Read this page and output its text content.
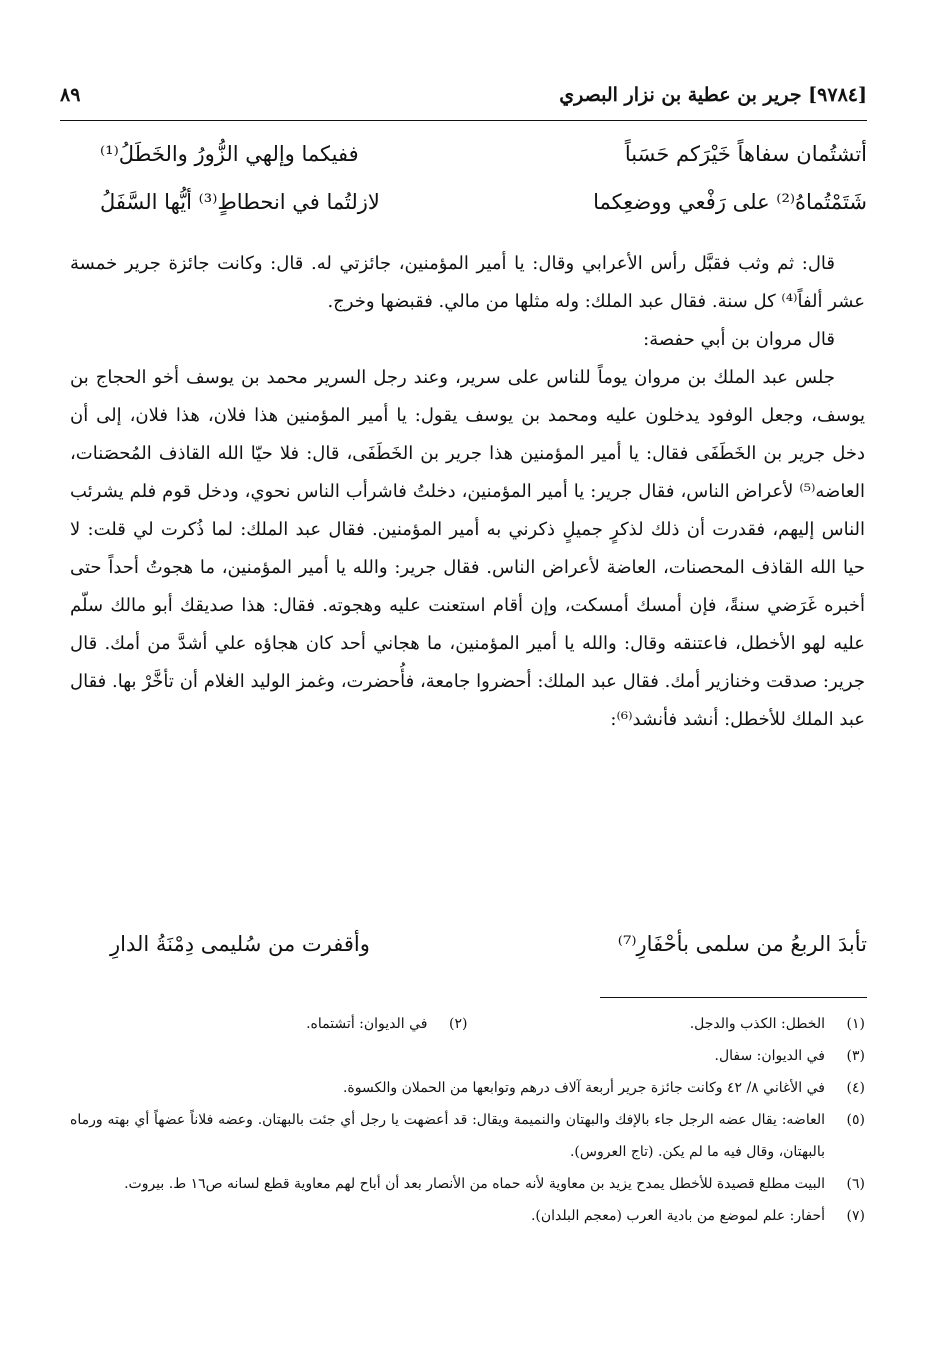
[٩٧٨٤] جرير بن عطية بن نزار البصري
٨٩
أتشتُمان سفاهاً خَيْرَكم حَسَباً
ففيكما وإلهي الزُّورُ والخَطَلُ⁽¹⁾
شَتَمْتُماهُ⁽²⁾ على رَفْعي ووضعِكما
لازلتُما في انحطاطٍ⁽³⁾ أيُّها السَّفَلُ

قال: ثم وثب فقبَّل رأس الأعرابي وقال: يا أمير المؤمنين، جائزتي له. قال: وكانت جائزة جرير خمسة عشر ألفاً⁽⁴⁾ كل سنة. فقال عبد الملك: وله مثلها من مالي. فقبضها وخرج.

قال مروان بن أبي حفصة:

جلس عبد الملك بن مروان يوماً للناس على سرير، وعند رجل السرير محمد بن يوسف أخو الحجاج بن يوسف، وجعل الوفود يدخلون عليه ومحمد بن يوسف يقول: يا أمير المؤمنين هذا فلان، هذا فلان، إلى أن دخل جرير بن الخَطَفَى فقال: يا أمير المؤمنين هذا جرير بن الخَطَفَى، قال: فلا حيّا الله القاذف المُحصَنات، العاضه⁽⁵⁾ لأعراض الناس، فقال جرير: يا أمير المؤمنين، دخلتُ فاشرأب الناس نحوي، ودخل قوم فلم يشرئب الناس إليهم، فقدرت أن ذلك لذكرٍ جميلٍ ذكرني به أمير المؤمنين. فقال عبد الملك: لما ذُكرت لي قلت: لا حيا الله القاذف المحصنات، العاضة لأعراض الناس. فقال جرير: والله يا أمير المؤمنين، ما هجوتُ أحداً حتى أخبره غَرَضي سنةً، فإن أمسك أمسكت، وإن أقام استعنت عليه وهجوته. فقال: هذا صديقك أبو مالك سلّم عليه لهو الأخطل، فاعتنقه وقال: والله يا أمير المؤمنين، ما هجاني أحد كان هجاؤه علي أشدَّ من أمك. قال جرير: صدقت وخنازير أمك. فقال عبد الملك: أحضروا جامعة، فأُحضرت، وغمز الوليد الغلام أن تأخَّرْ بها. فقال عبد الملك للأخطل: أنشد فأنشد⁽⁶⁾:

تأبدَ الربعُ من سلمى بأحْفَارِ⁽⁷⁾
وأقفرت من سُليمى دِمْنَةُ الدارِ
(١)
الخطل: الكذب والدجل.
(٢)
في الديوان: أتشتماه.
(٣)
في الديوان: سفال.
(٤)
في الأغاني ٨/ ٤٢ وكانت جائزة جرير أربعة آلاف درهم وتوابعها من الحملان والكسوة.
(٥)
العاضه: يقال عضه الرجل جاء بالإفك والبهتان والنميمة ويقال: قد أعضهت يا رجل أي جئت بالبهتان. وعضه فلاناً عضهاً أي بهته ورماه بالبهتان، وقال فيه ما لم يكن. (تاج العروس).
(٦)
البيت مطلع قصيدة للأخطل يمدح يزيد بن معاوية لأنه حماه من الأنصار بعد أن أباح لهم معاوية قطع لسانه ص١٦ ط. بيروت.
(٧)
أحفار: علم لموضع من بادية العرب (معجم البلدان).
